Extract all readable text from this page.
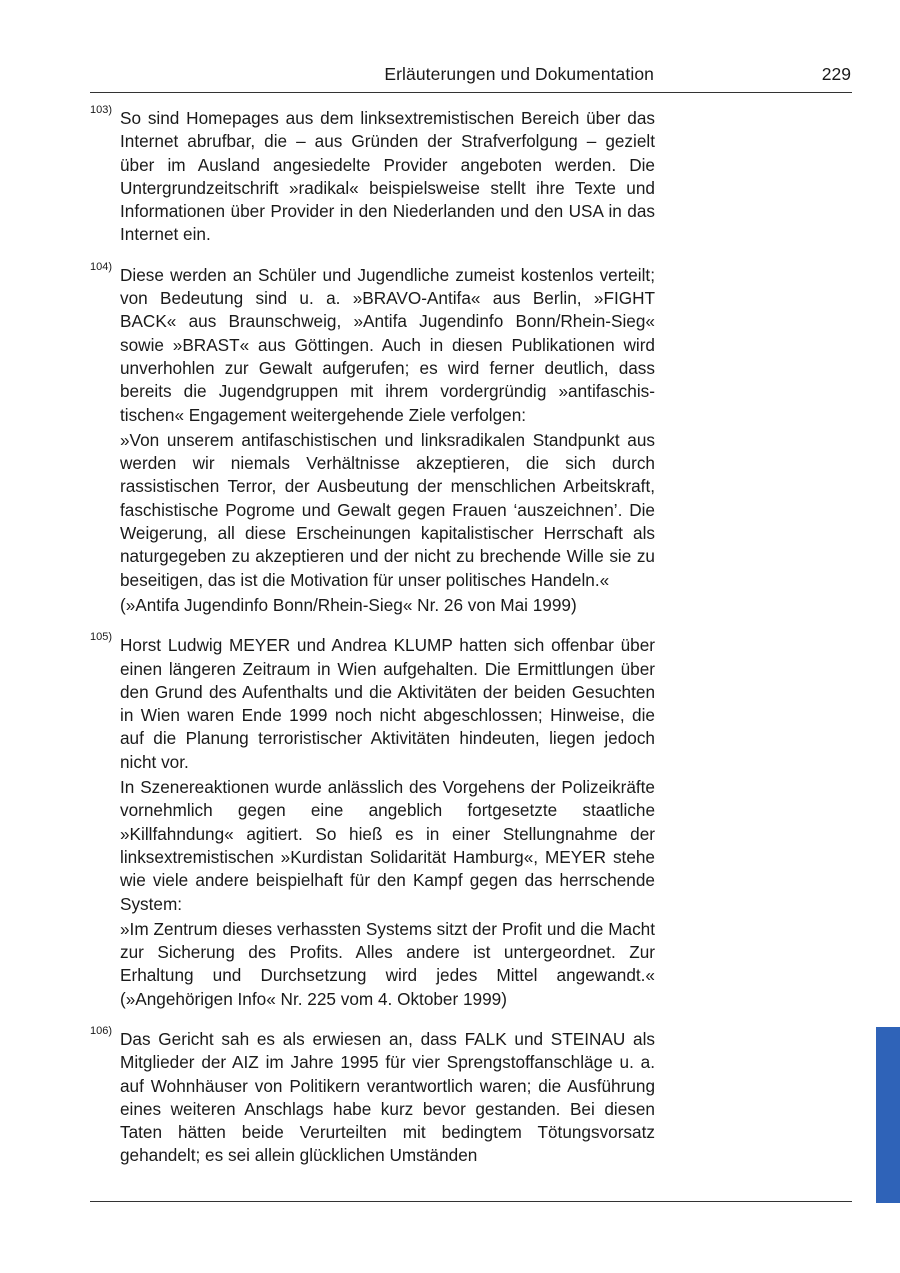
Erläuterungen und Dokumentation	229
103) So sind Homepages aus dem linksextremistischen Bereich über das Internet abrufbar, die – aus Gründen der Strafverfolgung – gezielt über im Ausland angesiedelte Provider angeboten werden. Die Untergrundzeitschrift »radikal« beispielsweise stellt ihre Texte und Informationen über Provider in den Niederlanden und den USA in das Internet ein.

104) Diese werden an Schüler und Jugendliche zumeist kostenlos verteilt; von Bedeutung sind u. a. »BRAVO-Antifa« aus Berlin, »FIGHT BACK« aus Braunschweig, »Antifa Jugendinfo Bonn/Rhein-Sieg« sowie »BRAST« aus Göttingen. Auch in diesen Publikationen wird unverhohlen zur Gewalt aufgerufen; es wird ferner deutlich, dass bereits die Jugendgruppen mit ihrem vordergründig »antifaschistischen« Engagement weitergehende Ziele verfolgen:

»Von unserem antifaschistischen und linksradikalen Standpunkt aus werden wir niemals Verhältnisse akzeptieren, die sich durch rassistischen Terror, der Ausbeutung der menschlichen Arbeitskraft, faschistische Pogrome und Gewalt gegen Frauen ‘auszeichnen’. Die Weigerung, all diese Erscheinungen kapitalistischer Herrschaft als naturgegeben zu akzeptieren und der nicht zu brechende Wille sie zu beseitigen, das ist die Motivation für unser politisches Handeln.«

(»Antifa Jugendinfo Bonn/Rhein-Sieg« Nr. 26 von Mai 1999)

105) Horst Ludwig MEYER und Andrea KLUMP hatten sich offenbar über einen längeren Zeitraum in Wien aufgehalten. Die Ermittlungen über den Grund des Aufenthalts und die Aktivitäten der beiden Gesuchten in Wien waren Ende 1999 noch nicht abgeschlossen; Hinweise, die auf die Planung terroristischer Aktivitäten hindeuten, liegen jedoch nicht vor.

In Szenereaktionen wurde anlässlich des Vorgehens der Polizeikräfte vornehmlich gegen eine angeblich fortgesetzte staatliche »Killfahndung« agitiert. So hieß es in einer Stellungnahme der linksextremistischen »Kurdistan Solidarität Hamburg«, MEYER stehe wie viele andere beispielhaft für den Kampf gegen das herrschende System:

»Im Zentrum dieses verhassten Systems sitzt der Profit und die Macht zur Sicherung des Profits. Alles andere ist untergeordnet. Zur Erhaltung und Durchsetzung wird jedes Mittel angewandt.« (»Angehörigen Info« Nr. 225 vom 4. Oktober 1999)

106) Das Gericht sah es als erwiesen an, dass FALK und STEINAU als Mitglieder der AIZ im Jahre 1995 für vier Sprengstoffanschläge u. a. auf Wohnhäuser von Politikern verantwortlich waren; die Ausführung eines weiteren Anschlags habe kurz bevor gestanden. Bei diesen Taten hätten beide Verurteilten mit bedingtem Tötungsvorsatz gehandelt; es sei allein glücklichen Umständen
